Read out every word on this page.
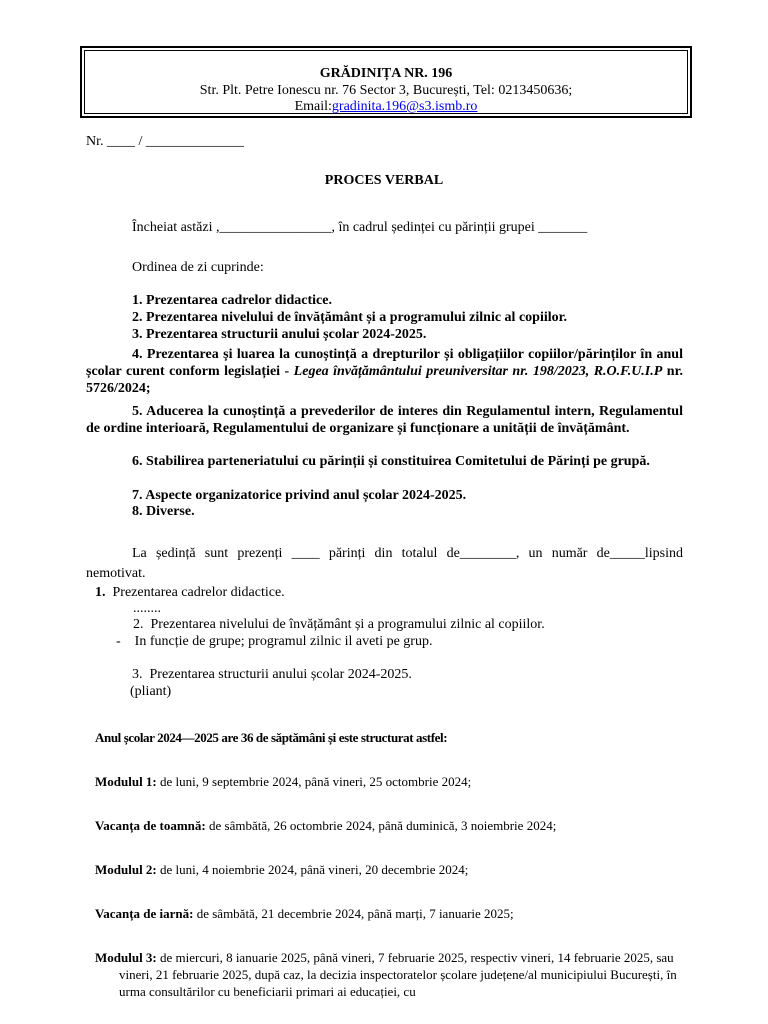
GRĂDINIȚA NR. 196
Str. Plt. Petre Ionescu nr. 76 Sector 3, București, Tel: 0213450636;
Email:gradinita.196@s3.ismb.ro
Nr. ____ / ______________
PROCES VERBAL
Încheiat astăzi ,________________, în cadrul ședinței cu părinții grupei _______
Ordinea de zi cuprinde:
1. Prezentarea cadrelor didactice.
2. Prezentarea nivelului de învățământ și a programului zilnic al copiilor.
3. Prezentarea structurii anului școlar 2024-2025.
4. Prezentarea și luarea la cunoștință a drepturilor și obligațiilor copiilor/părinților în anul școlar curent conform legislației - Legea învățământului preuniversitar nr. 198/2023, R.O.F.U.I.P nr. 5726/2024;
5. Aducerea la cunoștință a prevederilor de interes din Regulamentul intern, Regulamentul de ordine interioară, Regulamentului de organizare și funcționare a unității de învățământ.
6. Stabilirea parteneriatului cu părinții și constituirea Comitetului de Părinți pe grupă.
7. Aspecte organizatorice privind anul școlar 2024-2025.
8. Diverse.
La ședință sunt prezenți ____ părinți din totalul de________, un număr de_____lipsind nemotivat.
1. Prezentarea cadrelor didactice.
........
2. Prezentarea nivelului de învățământ și a programului zilnic al copiilor.
- In funcție de grupe; programul zilnic il aveti pe grup.
3. Prezentarea structurii anului școlar 2024-2025.
(pliant)
Anul școlar 2024—2025 are 36 de săptămâni și este structurat astfel:
Modulul 1: de luni, 9 septembrie 2024, până vineri, 25 octombrie 2024;
Vacanța de toamnă: de sâmbătă, 26 octombrie 2024, până duminică, 3 noiembrie 2024;
Modulul 2: de luni, 4 noiembrie 2024, până vineri, 20 decembrie 2024;
Vacanța de iarnă: de sâmbătă, 21 decembrie 2024, până marți, 7 ianuarie 2025;
Modulul 3: de miercuri, 8 ianuarie 2025, până vineri, 7 februarie 2025, respectiv vineri, 14 februarie 2025, sau vineri, 21 februarie 2025, după caz, la decizia inspectoratelor școlare județene/al municipiului București, în urma consultărilor cu beneficiarii primari ai educației, cu
